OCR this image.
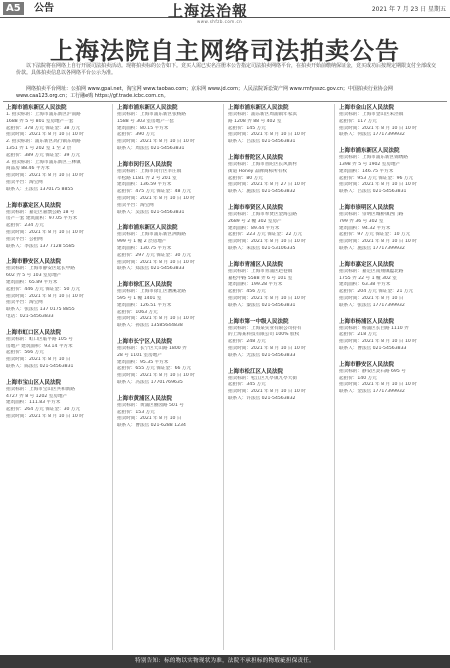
A5	公告	上海法治報	2021 年 7 月 23 日 星期五
www.shfzb.com.cn
上海法院自主网络司法拍卖公告

以下法院将在网络上自行开展司法拍卖活动。现将拍卖标的公告如下。竞买人需已实名注册本公告指定司法拍卖网络平台，在拍卖开始前缴纳保证金，竞买成功后按规定期限支付全部成交价款。具体拍卖信息以各网络平台公示为准。

网络拍卖平台网址：公拍网 www.gpai.net，淘宝网 www.taobao.com；京东网 www.jd.com；人民法院诉讼资产网 www.rmfysszc.gov.cn；中国拍卖行业协会网 www.caa123.org.cn；工行融e购 https://gf.trade.icbc.com.cn。

上海市浦东新区人民法院
1. 拍卖标的：上海市浦东新区沪南路
1688 弄 5 号 801 室房地产一套
起拍价：378 万元 保证金：38 万元
拍卖时间：2021 年 8 月 10 日 10 时
2. 拍卖标的：浦东新区高行镇东靖路
1351 弄 1 号 202 室 1 至 2 层
起拍价：389 万元 保证金：39 万元
3. 拍卖标的：上海市浦东新区三林镇
商品房 88.46 平方米
拍卖时间：2021 年 8 月 10 日 10 时
拍卖平台：淘宝网
联系人：王法官 1370175 8855
上海市嘉定区人民法院
拍卖标的：嘉定区嘉戬公路 18 号
房产一套 建筑面积：97.05 平方米
起拍价：234 万元
拍卖时间：2021 年 8 月 10 日 10 时
拍卖平台：公拍网
联系人：李法官 137 7128 5585
上海市静安区人民法院
拍卖标的：上海市静安区延长中路
602 弄 5 号 103 室房地产
建筑面积：65.89 平方米
起拍价：446 万元 保证金：50 万元
拍卖时间：2021 年 8 月 10 日 10 时
拍卖平台：淘宝网
联系人：张法官 137 0175 8855
电话：021-54563833
上海市虹口区人民法院
拍卖标的：虹口区临平路 105 号
房地产 建筑面积：93.14 平方米
起拍价：566 万元
拍卖时间：2021 年 8 月 10 日
联系人：陈法官 021-54563831
上海市宝山区人民法院
拍卖标的：上海市宝山区共和新路
4727 弄 8 号 1202 室房地产
建筑面积：111.83 平方米
起拍价：264 万元 保证金：30 万元
拍卖时间：2021 年 8 月 10 日 10 时
上海市浦东新区人民法院
拍卖标的：上海市浦东新区张杨路
1588 号 303 室房地产一套
建筑面积：80.15 平方米
起拍价：390 万元
拍卖时间：2021 年 8 月 10 日 10 时
联系人：周法官 021-54563831
上海市闵行区人民法院
拍卖标的：上海市闵行区莘庄镇
莘松路 1181 弄 2 号 201 室
建筑面积：136.59 平方米
起拍价：475 万元 保证金：48 万元
拍卖时间：2021 年 8 月 10 日 10 时
拍卖平台：淘宝网
联系人：吴法官 021-54563831
上海市浦东新区人民法院
拍卖标的：上海市浦东新区洲海路
999 号 1 幢 2 层房地产
建筑面积：130.75 平方米
起拍价：297 万元 保证金：30 万元
拍卖时间：2021 年 8 月 10 日 10 时
联系人：郑法官 021-54563833
上海市徐汇区人民法院
拍卖标的：上海市徐汇区漕溪北路
595 号 1 幢 1401 室
建筑面积：126.51 平方米
起拍价：1063 万元
拍卖时间：2021 年 8 月 10 日 10 时
联系人：孙法官 13585644838
上海市长宁区人民法院
拍卖标的：长宁区天山路 1800 弄
28 号 1101 室房地产
建筑面积：95.35 平方米
起拍价：655 万元 保证金：66 万元
拍卖时间：2021 年 8 月 10 日 10 时
联系人：冯法官 17701769635
上海市黄浦区人民法院
拍卖标的：黄浦区丽园路 501 号
起拍价：153 万元
拍卖时间：2021 年 8 月 10 日
联系人：曹法官 021-6288 1234
上海市浦东新区人民法院
拍卖标的：浦东新区周浦镇年家浜
路 1208 弄 88 号 402 室
起拍价：145 万元
拍卖时间：2021 年 8 月 10 日 10 时
联系人：吕法官 021-54563831
上海市普陀区人民法院
拍卖标的：上海市普陀区长风新村
街道 Honey 品牌商标所有权
起拍价：80 万元
拍卖时间：2021 年 8 月 27 日 10 时
联系人：施法官 021-54563832
上海市奉贤区人民法院
拍卖标的：上海市奉贤区金海公路
2689 号 2 幢 302 室房产
建筑面积：89.44 平方米
起拍价：223 万元 保证金：22 万元
拍卖时间：2021 年 8 月 10 日 10 时
联系人：朱法官 021-53106335
上海市青浦区人民法院
拍卖标的：上海市青浦区赵巷镇
嘉松中路 5588 弄 6 号 101 室
建筑面积：199.28 平方米
起拍价：456 万元
拍卖时间：2021 年 8 月 10 日 10 时
联系人：秦法官 021-54563831
上海市第一中级人民法院
拍卖标的：上海某实业有限公司持有
的上海某科技有限公司 100% 股权
起拍价：248 万元
拍卖时间：2021 年 8 月 10 日 10 时
联系人：尤法官 021-54563833
上海市松江区人民法院
拍卖标的：松江区九亭镇九亭大街
起拍价：345 万元
拍卖时间：2021 年 8 月 10 日 10 时
联系人：许法官 021-54563832
上海市金山区人民法院
拍卖标的：上海市金山区朱泾镇
起拍价：117 万元
拍卖时间：2021 年 8 月 10 日 10 时
联系人：何法官 17717399932
上海市浦东新区人民法院
拍卖标的：上海市浦东新区锦绣路
1398 弄 5 号 1902 室房地产
建筑面积：146.75 平方米
起拍价：953 万元 保证金：96 万元
拍卖时间：2021 年 8 月 10 日 10 时
联系人：吕法官 021-54563831
上海市崇明区人民法院
拍卖标的：崇明区城桥镇西门路
799 弄 36 号 302 室
建筑面积：94.32 平方米
起拍价：97 万元 保证金：10 万元
拍卖时间：2021 年 8 月 10 日 10 时
联系人：施法官 17717399932
上海市嘉定区人民法院
拍卖标的：嘉定区南翔镇蕴北路
1755 弄 22 号 1 幢 302 室
建筑面积：63.38 平方米
起拍价：204 万元 保证金：21 万元
拍卖时间：2021 年 8 月 10 日
联系人：张法官 17717399932
上海市杨浦区人民法院
拍卖标的：杨浦区长白路 1110 弄
起拍价：218 万元
拍卖时间：2021 年 8 月 10 日 10 时
联系人：曹法官 021-54563833
上海市静安区人民法院
拍卖标的：静安区灵石路 695 号
起拍价：140 万元
拍卖时间：2021 年 8 月 10 日 10 时
联系人：金法官 17717399932
特别告知：标的物以实物现状为准，法院不承担标的物瑕疵担保责任。
